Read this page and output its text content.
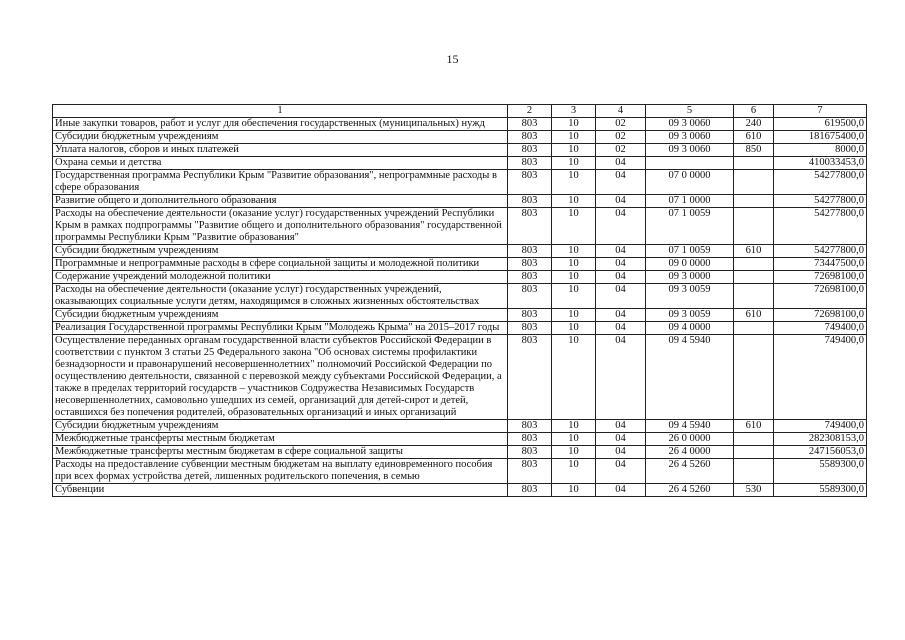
15
1	2	3	4	5	6	7
Иные закупки товаров, работ и услуг для обеспечения государственных (муниципальных) нужд	803	10	02	09 3 0060	240	619500,0
Субсидии бюджетным учреждениям	803	10	02	09 3 0060	610	181675400,0
Уплата налогов, сборов и иных платежей	803	10	02	09 3 0060	850	8000,0
Охрана семьи и детства	803	10	04			410033453,0
Государственная программа Республики Крым "Развитие образования", непрограммные расходы в сфере образования	803	10	04	07 0 0000		54277800,0
Развитие общего и дополнительного образования	803	10	04	07 1 0000		54277800,0
Расходы на обеспечение деятельности (оказание услуг) государственных учреждений Республики Крым в рамках подпрограммы "Развитие общего и дополнительного образования" государственной программы Республики Крым "Развитие образования"	803	10	04	07 1 0059		54277800,0
Субсидии бюджетным учреждениям	803	10	04	07 1 0059	610	54277800,0
Программные и непрограммные расходы в сфере социальной защиты и молодежной политики	803	10	04	09 0 0000		73447500,0
Содержание учреждений молодежной политики	803	10	04	09 3 0000		72698100,0
Расходы на обеспечение деятельности (оказание услуг) государственных учреждений, оказывающих социальные услуги детям, находящимся в сложных жизненных обстоятельствах	803	10	04	09 3 0059		72698100,0
Субсидии бюджетным учреждениям	803	10	04	09 3 0059	610	72698100,0
Реализация Государственной программы Республики Крым "Молодежь Крыма" на 2015–2017 годы	803	10	04	09 4 0000		749400,0
Осуществление переданных органам государственной власти субъектов Российской Федерации в соответствии с пунктом 3 статьи 25 Федерального закона "Об основах системы профилактики безнадзорности и правонарушений несовершеннолетних" полномочий Российской Федерации по осуществлению деятельности, связанной с перевозкой между субъектами Российской Федерации, а также в пределах территорий государств – участников Содружества Независимых Государств несовершеннолетних, самовольно ушедших из семей, организаций для детей-сирот и детей, оставшихся без попечения родителей, образовательных организаций и иных организаций	803	10	04	09 4 5940		749400,0
Субсидии бюджетным учреждениям	803	10	04	09 4 5940	610	749400,0
Межбюджетные трансферты местным бюджетам	803	10	04	26 0 0000		282308153,0
Межбюджетные трансферты местным бюджетам в сфере социальной защиты	803	10	04	26 4 0000		247156053,0
Расходы на предоставление субвенции местным бюджетам на выплату единовременного пособия при всех формах устройства детей, лишенных родительского попечения, в семью	803	10	04	26 4 5260		5589300,0
Субвенции	803	10	04	26 4 5260	530	5589300,0
